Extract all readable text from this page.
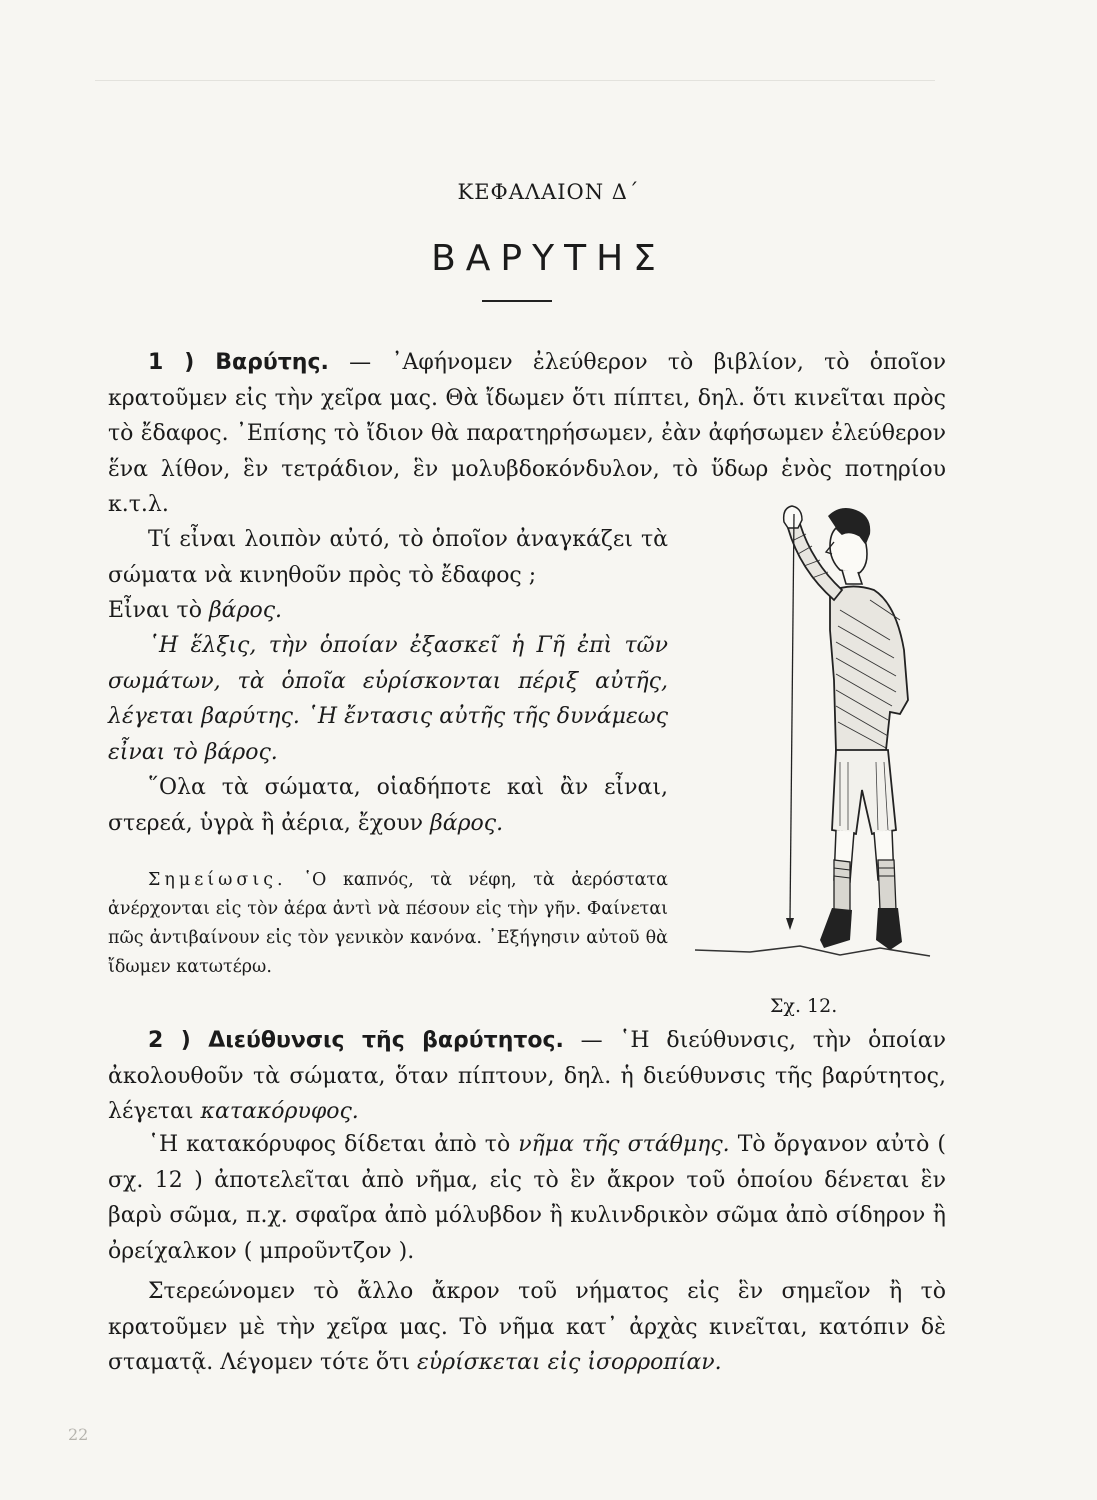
ΚΕΦΑΛΑΙΟΝ Δ΄
ΒΑΡΥΤΗΣ
1 ) Βαρύτης. — ᾿Αφήνομεν ἐλεύθερον τὸ βιβλίον, τὸ ὁποῖον κρατοῦμεν εἰς τὴν χεῖρα μας. Θὰ ἴδωμεν ὅτι πίπτει, δηλ. ὅτι κινεῖται πρὸς τὸ ἔδαφος. ᾿Επίσης τὸ ἴδιον θὰ παρατηρήσωμεν, ἐὰν ἀφήσωμεν ἐλεύθερον ἕνα λίθον, ἓν τετράδιον, ἓν μολυβδοκόνδυλον, τὸ ὕδωρ ἑνὸς ποτηρίου κ.τ.λ.
Τί εἶναι λοιπὸν αὐτό, τὸ ὁποῖον ἀναγκάζει τὰ σώματα νὰ κινηθοῦν πρὸς τὸ ἔδαφος ;
Εἶναι τὸ βάρος.
῾Η ἕλξις, τὴν ὁποίαν ἐξασκεῖ ἡ Γῆ ἐπὶ τῶν σωμάτων, τὰ ὁποῖα εὑρίσκονται πέριξ αὐτῆς, λέγεται βαρύτης. ῾Η ἔντασις αὐτῆς τῆς δυνάμεως εἶναι τὸ βάρος.
῞Ολα τὰ σώματα, οἱαδήποτε καὶ ἂν εἶναι, στερεά, ὑγρὰ ἢ ἀέρια, ἔχουν βάρος.
Σημείωσις. ῾Ο καπνός, τὰ νέφη, τὰ ἀερόστατα ἀνέρχονται εἰς τὸν ἀέρα ἀντὶ νὰ πέσουν εἰς τὴν γῆν. Φαίνεται πῶς ἀντιβαίνουν εἰς τὸν γενικὸν κανόνα. ᾿Εξήγησιν αὐτοῦ θὰ ἴδωμεν κατωτέρω.
Σχ. 12.
2 ) Διεύθυνσις τῆς βαρύτητος. — ῾Η διεύθυνσις, τὴν ὁποίαν ἀκολουθοῦν τὰ σώματα, ὅταν πίπτουν, δηλ. ἡ διεύθυνσις τῆς βαρύτητος, λέγεται κατακόρυφος.
῾Η κατακόρυφος δίδεται ἀπὸ τὸ νῆμα τῆς στάθμης. Τὸ ὄργανον αὐτὸ ( σχ. 12 ) ἀποτελεῖται ἀπὸ νῆμα, εἰς τὸ ἓν ἄκρον τοῦ ὁποίου δένεται ἓν βαρὺ σῶμα, π.χ. σφαῖρα ἀπὸ μόλυβδον ἢ κυλινδρικὸν σῶμα ἀπὸ σίδηρον ἢ ὀρείχαλκον ( μπροῦντζον ).
Στερεώνομεν τὸ ἄλλο ἄκρον τοῦ νήματος εἰς ἓν σημεῖον ἢ τὸ κρατοῦμεν μὲ τὴν χεῖρα μας. Τὸ νῆμα κατ᾿ ἀρχὰς κινεῖται, κατόπιν δὲ σταματᾷ. Λέγομεν τότε ὅτι εὑρίσκεται εἰς ἰσορροπίαν.
22
